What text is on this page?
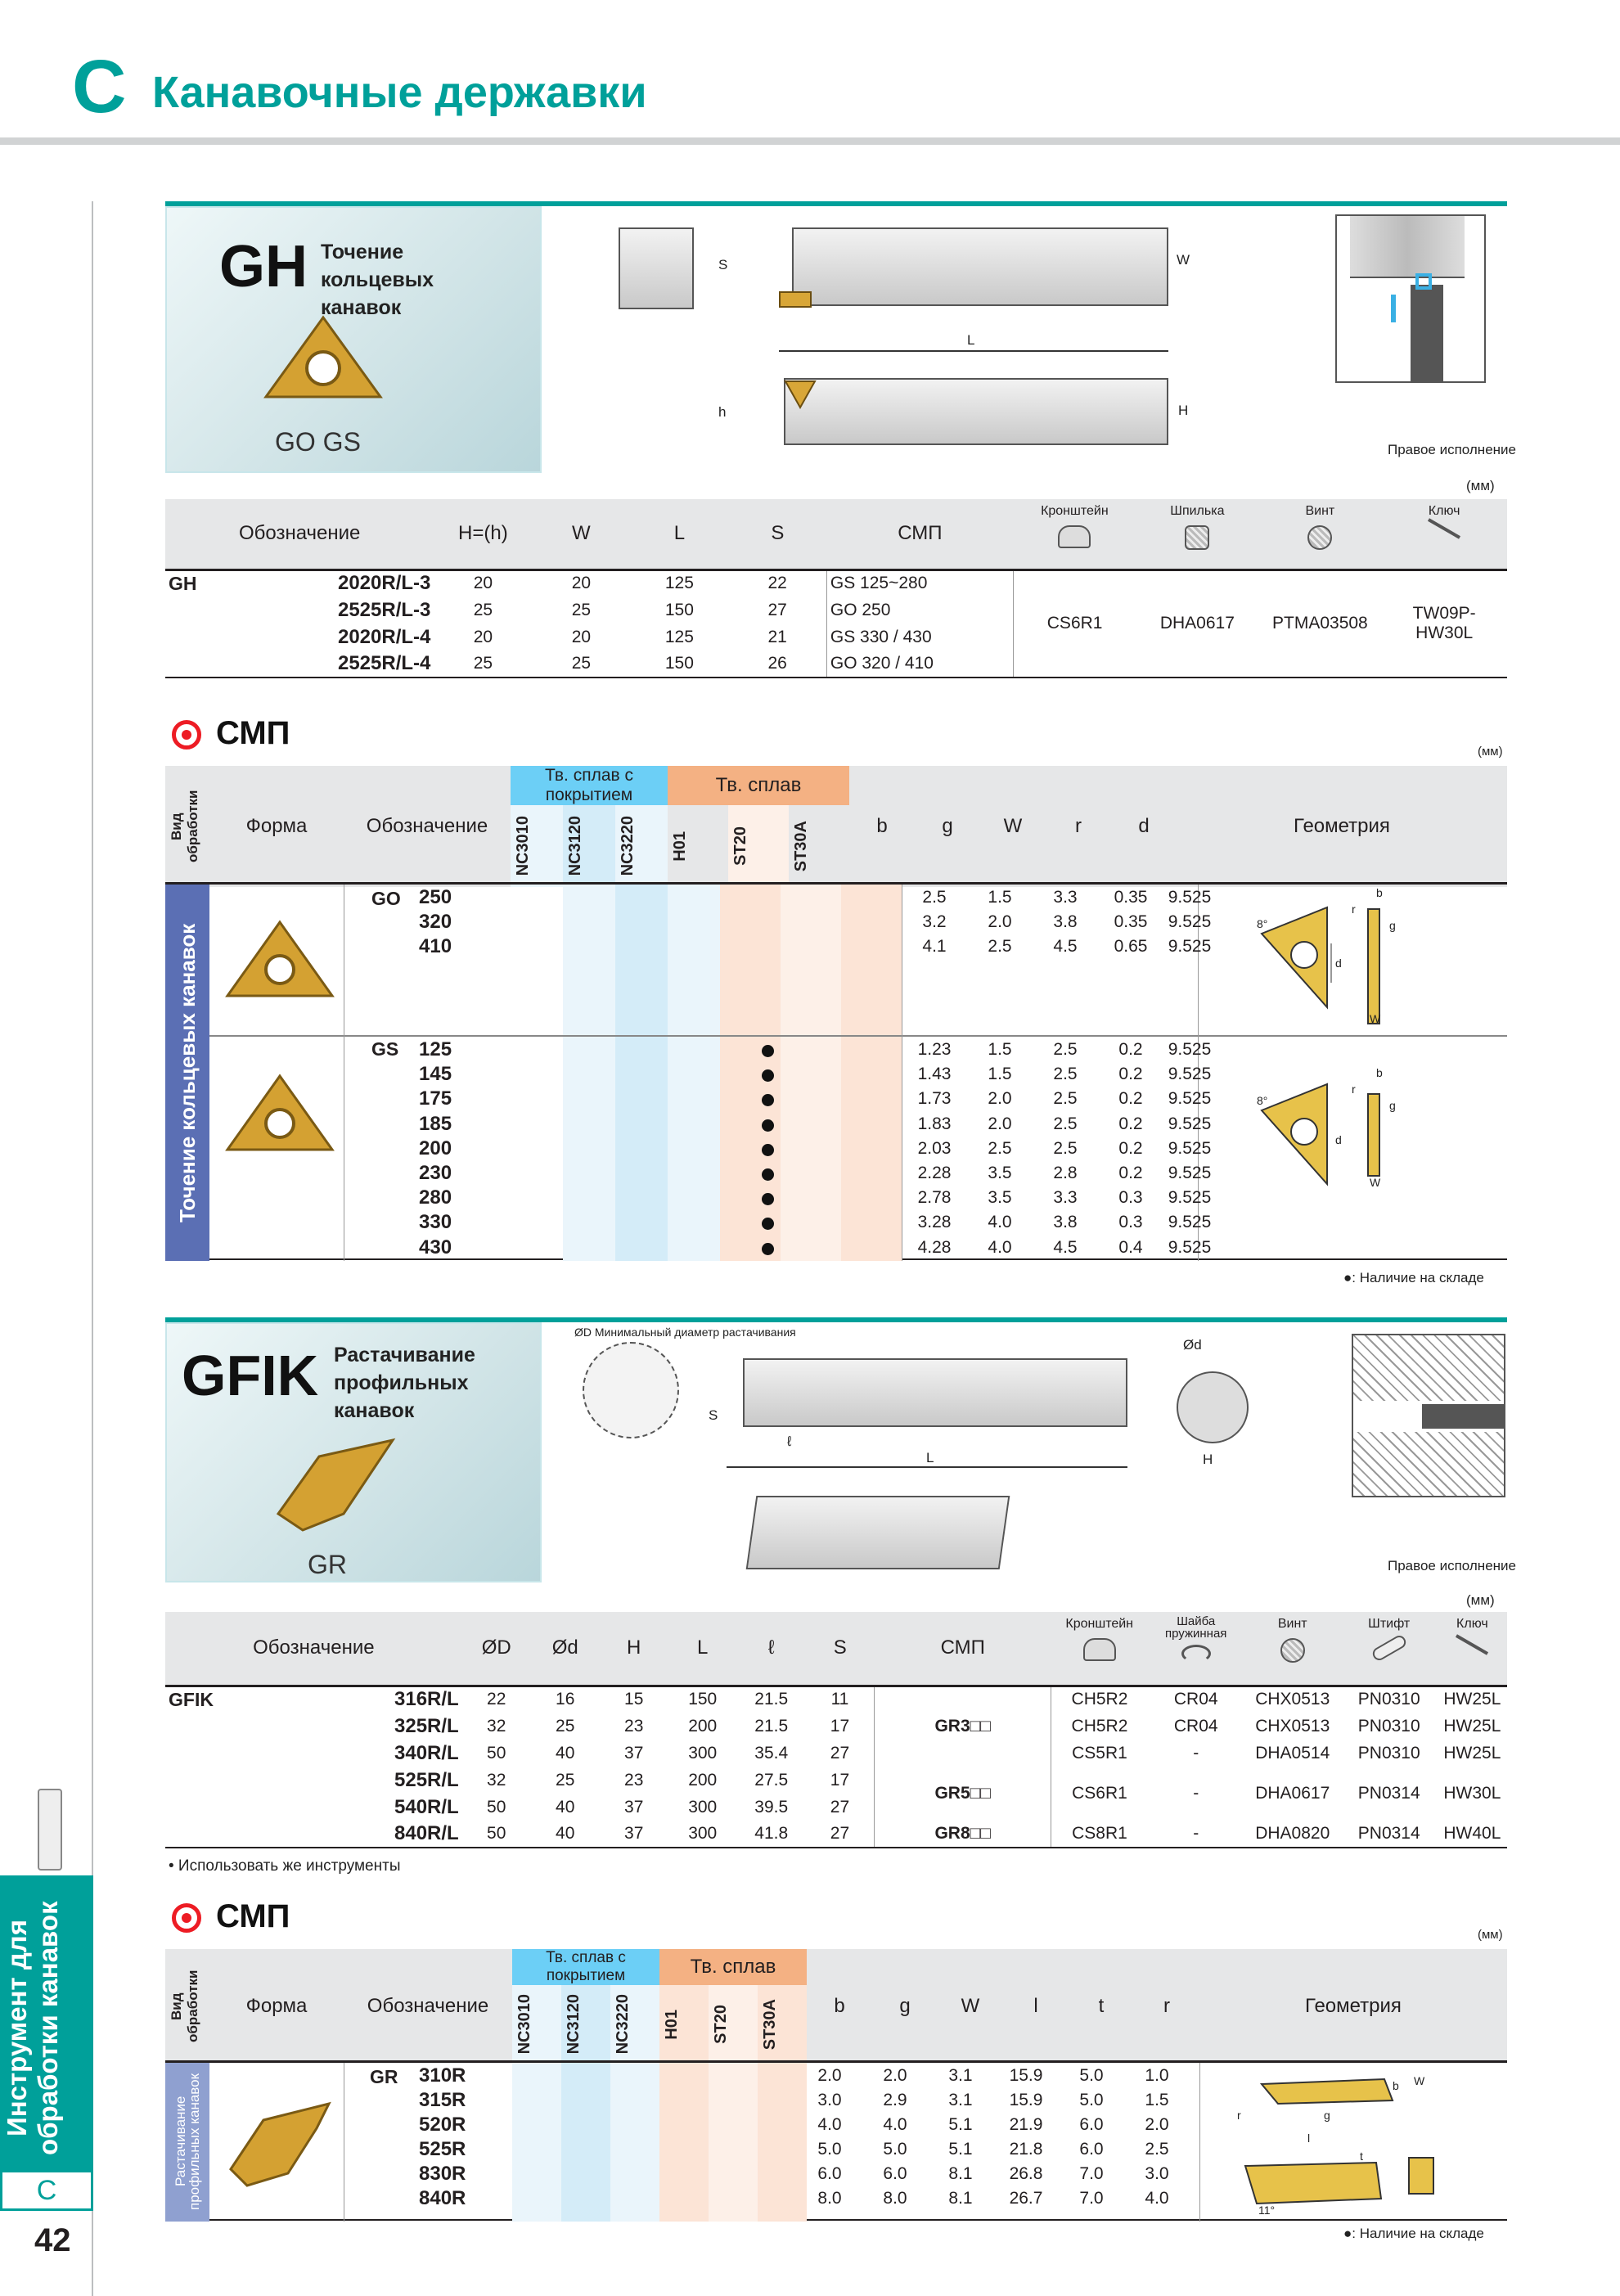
C Канавочные державки
Инструмент для обработки канавок
C
42
GH Точение кольцевых канавок
GO GS
S	W
L
h	H
Правое исполнение
(мм)
Обозначение		H=(h)	W	L	S	СМП	Кронштейн	Шпилька	Винт	Ключ

GH	2020R/L-3	20	20	125	22	GS 125~280	CS6R1	DHA0617	PTMA03508	TW09P-HW30L
	2525R/L-3	25	25	150	27	GO 250				
	2020R/L-4	20	20	125	21	GS 330 / 430				
	2525R/L-4	25	25	150	26	GO 320 / 410				
СМП
(мм)
Вид обработки	Форма	Обозначение	Тв. сплав с покрытием			Тв. сплав			b	g	W	r	d	Геометрия

			NC3010	NC3120	NC3220	H01	ST20	ST30A						
Точение кольцевых канавок
GO 250	2.5	1.5	3.3	0.35	9.525
320	3.2	2.0	3.8	0.35	9.525
410	4.1	2.5	4.5	0.65	9.525
GS 125	1.23	1.5	2.5	0.2	9.525
145	1.43	1.5	2.5	0.2	9.525
175	1.73	2.0	2.5	0.2	9.525
185	1.83	2.0	2.5	0.2	9.525
200	2.03	2.5	2.5	0.2	9.525
230	2.28	3.5	2.8	0.2	9.525
280	2.78	3.5	3.3	0.3	9.525
330	3.28	4.0	3.8	0.3	9.525
430	4.28	4.0	4.5	0.4	9.525
8°
b
r
g
d
W
8°
b
r
g
d
W
●: Наличие на складе
GFIK Растачивание профильных канавок
GR
ØD Минимальный диаметр растачивания
S
ℓ
L
Ød
H
Правое исполнение
(мм)
Обозначение		ØD	Ød	H	L	ℓ	S	СМП	Кронштейн	Шайба пружинная	Винт	Штифт	Ключ

GFIK	316R/L	22	16	15	150	21.5	11	GR3□□	CH5R2	CR04	CHX0513	PN0310	HW25L
	325R/L	32	25	23	200	21.5	17		CH5R2	CR04	CHX0513	PN0310	HW25L
	340R/L	50	40	37	300	35.4	27		CS5R1	-	DHA0514	PN0310	HW25L
	525R/L	32	25	23	200	27.5	17	GR5□□	CS6R1	-	DHA0617	PN0314	HW30L
	540R/L	50	40	37	300	39.5	27						
	840R/L	50	40	37	300	41.8	27	GR8□□	CS8R1	-	DHA0820	PN0314	HW40L
• Использовать же инструменты
СМП
(мм)
Вид обработки	Форма	Обозначение	Тв. сплав с покрытием			Тв. сплав			b	g	W	l	t	r	Геометрия

			NC3010	NC3120	NC3220	H01	ST20	ST30A							
Растачивание профильных канавок	GR 310R	2.0	2.0	3.1	15.9	5.0	1.0
315R	3.0	2.9	3.1	15.9	5.0	1.5
520R	4.0	4.0	5.1	21.9	6.0	2.0
525R	5.0	5.0	5.1	21.8	6.0	2.5
830R	6.0	6.0	8.1	26.8	7.0	3.0
840R	8.0	8.0	8.1	26.7	7.0	4.0
b W
r	g
l
t
11°
●: Наличие на складе
